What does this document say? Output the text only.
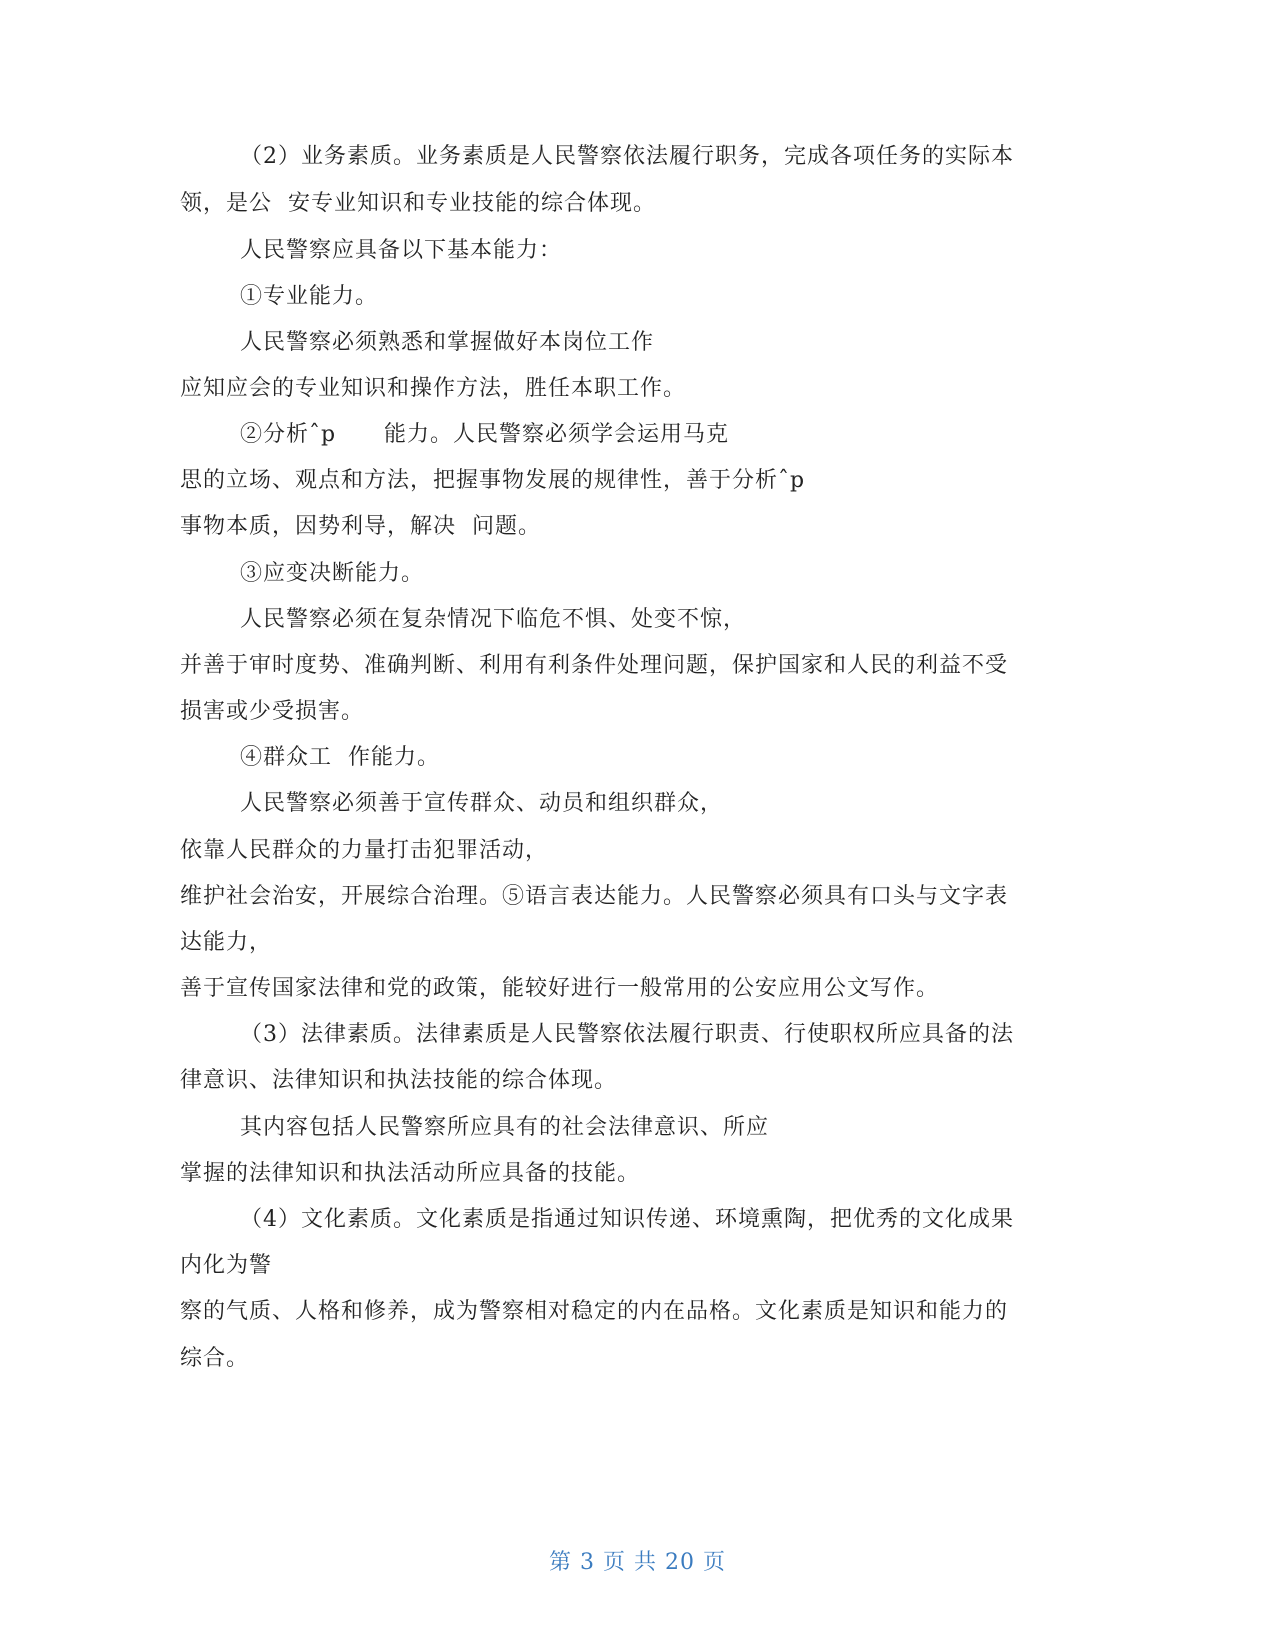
（2）业务素质。业务素质是人民警察依法履行职务，完成各项任务的实际本
领，是公  安专业知识和专业技能的综合体现。
人民警察应具备以下基本能力：
①专业能力。
人民警察必须熟悉和掌握做好本岗位工作
应知应会的专业知识和操作方法，胜任本职工作。
②分析ˆp      能力。人民警察必须学会运用马克
思的立场、观点和方法，把握事物发展的规律性，善于分析ˆp
事物本质，因势利导，解决  问题。
③应变决断能力。
人民警察必须在复杂情况下临危不惧、处变不惊，
并善于审时度势、准确判断、利用有利条件处理问题，保护国家和人民的利益不受
损害或少受损害。
④群众工  作能力。
人民警察必须善于宣传群众、动员和组织群众，
依靠人民群众的力量打击犯罪活动，
维护社会治安，开展综合治理。⑤语言表达能力。人民警察必须具有口头与文字表
达能力，
善于宣传国家法律和党的政策，能较好进行一般常用的公安应用公文写作。
（3）法律素质。法律素质是人民警察依法履行职责、行使职权所应具备的法
律意识、法律知识和执法技能的综合体现。
其内容包括人民警察所应具有的社会法律意识、所应
掌握的法律知识和执法活动所应具备的技能。
（4）文化素质。文化素质是指通过知识传递、环境熏陶，把优秀的文化成果
内化为警
察的气质、人格和修养，成为警察相对稳定的内在品格。文化素质是知识和能力的
综合。
第 3 页 共 20 页
